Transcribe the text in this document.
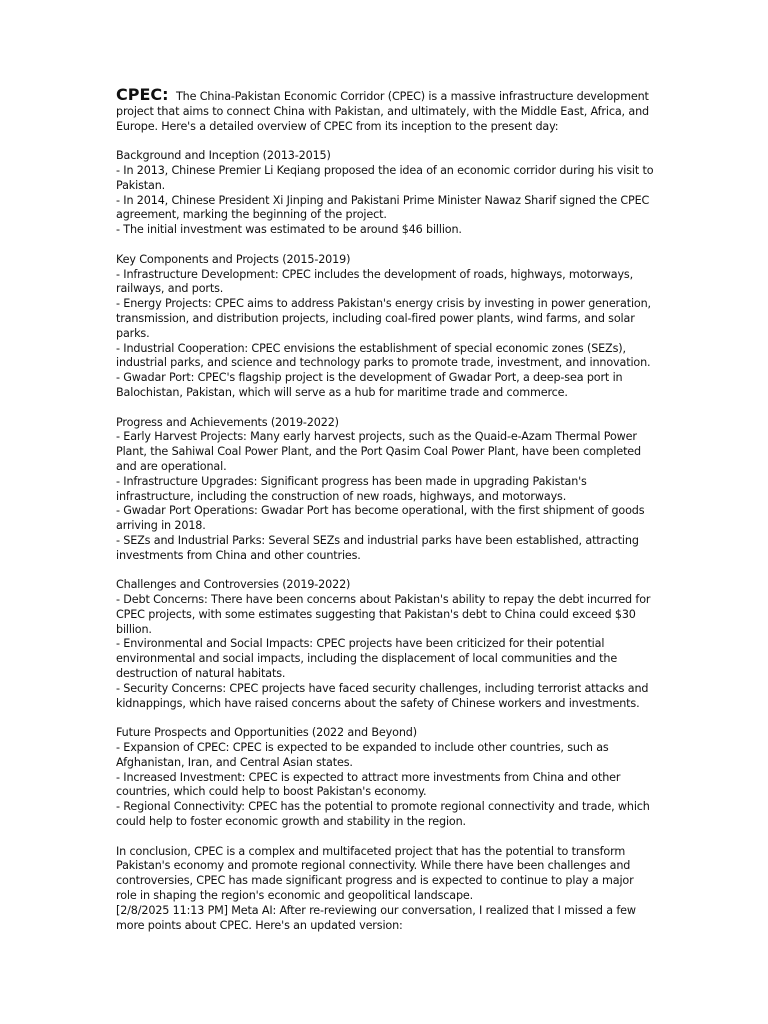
CPEC: The China-Pakistan Economic Corridor (CPEC) is a massive infrastructure development project that aims to connect China with Pakistan, and ultimately, with the Middle East, Africa, and Europe. Here's a detailed overview of CPEC from its inception to the present day:

Background and Inception (2013-2015)

- In 2013, Chinese Premier Li Keqiang proposed the idea of an economic corridor during his visit to Pakistan.

- In 2014, Chinese President Xi Jinping and Pakistani Prime Minister Nawaz Sharif signed the CPEC agreement, marking the beginning of the project.

- The initial investment was estimated to be around $46 billion.

Key Components and Projects (2015-2019)

- Infrastructure Development: CPEC includes the development of roads, highways, motorways, railways, and ports.

- Energy Projects: CPEC aims to address Pakistan's energy crisis by investing in power generation, transmission, and distribution projects, including coal-fired power plants, wind farms, and solar parks.

- Industrial Cooperation: CPEC envisions the establishment of special economic zones (SEZs), industrial parks, and science and technology parks to promote trade, investment, and innovation.

- Gwadar Port: CPEC's flagship project is the development of Gwadar Port, a deep-sea port in Balochistan, Pakistan, which will serve as a hub for maritime trade and commerce.

Progress and Achievements (2019-2022)

- Early Harvest Projects: Many early harvest projects, such as the Quaid-e-Azam Thermal Power Plant, the Sahiwal Coal Power Plant, and the Port Qasim Coal Power Plant, have been completed and are operational.

- Infrastructure Upgrades: Significant progress has been made in upgrading Pakistan's infrastructure, including the construction of new roads, highways, and motorways.

- Gwadar Port Operations: Gwadar Port has become operational, with the first shipment of goods arriving in 2018.

- SEZs and Industrial Parks: Several SEZs and industrial parks have been established, attracting investments from China and other countries.

Challenges and Controversies (2019-2022)

- Debt Concerns: There have been concerns about Pakistan's ability to repay the debt incurred for CPEC projects, with some estimates suggesting that Pakistan's debt to China could exceed $30 billion.

- Environmental and Social Impacts: CPEC projects have been criticized for their potential environmental and social impacts, including the displacement of local communities and the destruction of natural habitats.

- Security Concerns: CPEC projects have faced security challenges, including terrorist attacks and kidnappings, which have raised concerns about the safety of Chinese workers and investments.

Future Prospects and Opportunities (2022 and Beyond)

- Expansion of CPEC: CPEC is expected to be expanded to include other countries, such as Afghanistan, Iran, and Central Asian states.

- Increased Investment: CPEC is expected to attract more investments from China and other countries, which could help to boost Pakistan's economy.

- Regional Connectivity: CPEC has the potential to promote regional connectivity and trade, which could help to foster economic growth and stability in the region.

In conclusion, CPEC is a complex and multifaceted project that has the potential to transform Pakistan's economy and promote regional connectivity. While there have been challenges and controversies, CPEC has made significant progress and is expected to continue to play a major role in shaping the region's economic and geopolitical landscape.

[2/8/2025 11:13 PM] Meta AI: After re-reviewing our conversation, I realized that I missed a few more points about CPEC. Here's an updated version:
